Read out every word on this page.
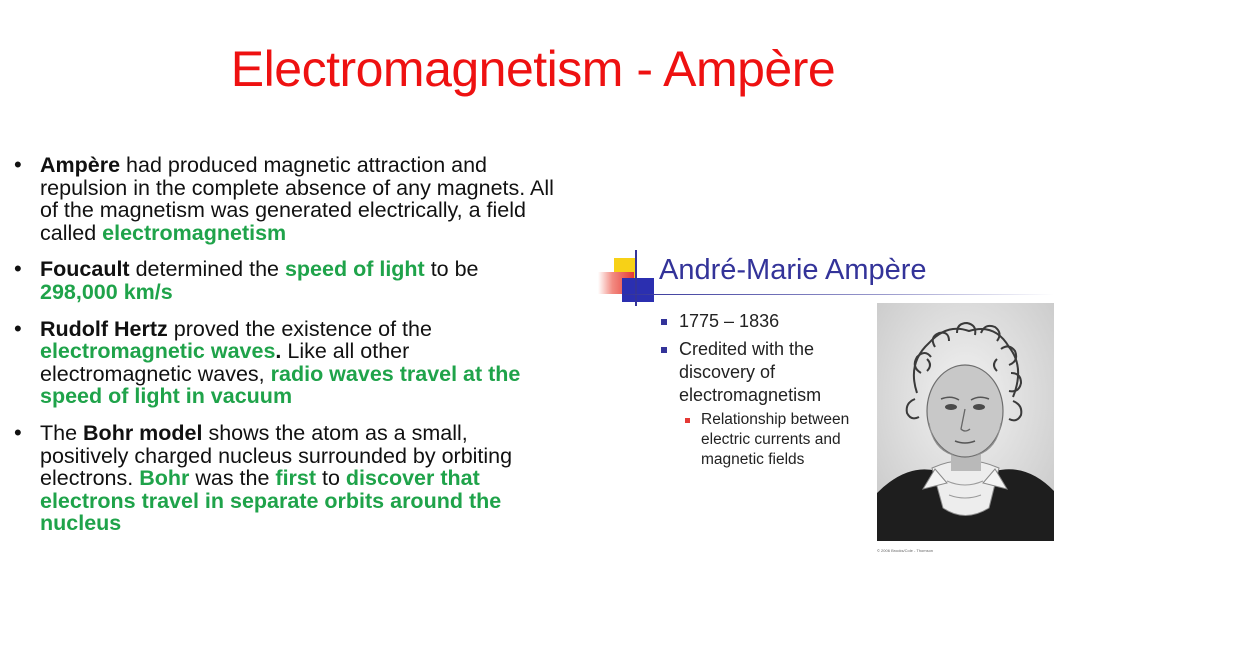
Electromagnetism - Ampère
• Ampère had produced magnetic attraction and repulsion in the complete absence of any magnets. All of the magnetism was generated electrically, a field called electromagnetism
• Foucault determined the speed of light to be 298,000 km/s
• Rudolf Hertz proved the existence of the electromagnetic waves. Like all other electromagnetic waves, radio waves travel at the speed of light in vacuum
• The Bohr model shows the atom as a small, positively charged nucleus surrounded by orbiting electrons. Bohr was the first to discover that electrons travel in separate orbits around the nucleus
André-Marie Ampère
1775 – 1836
Credited with the discovery of electromagnetism
Relationship between electric currents and magnetic fields
© 2006 Brooks/Cole - Thomson
